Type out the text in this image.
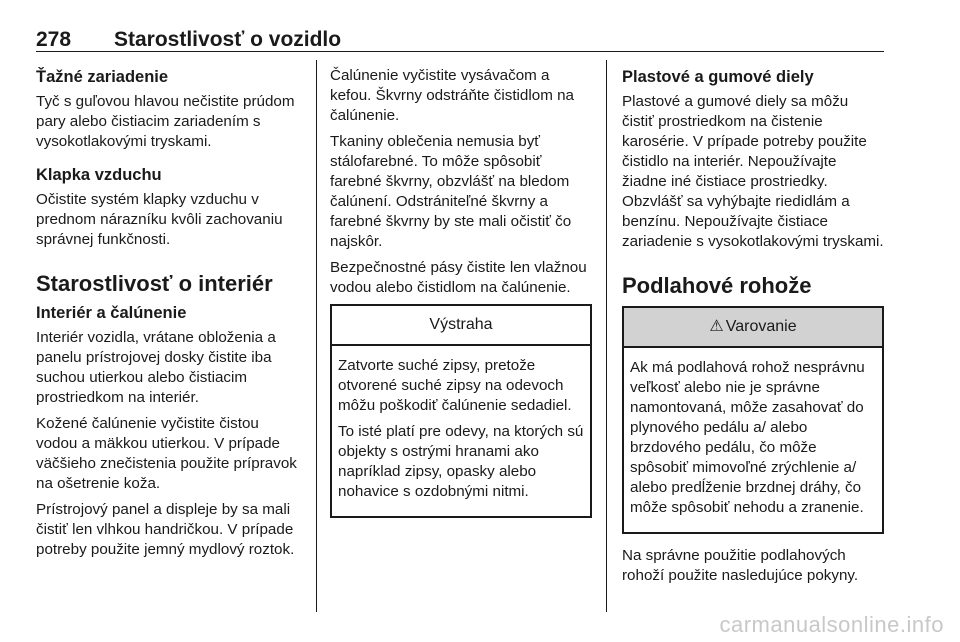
278 Starostlivosť o vozidlo
Ťažné zariadenie

Tyč s guľovou hlavou nečistite prúdom pary alebo čistiacim zariadením s vysokotlakovými tryskami.

Klapka vzduchu

Očistite systém klapky vzduchu v prednom nárazníku kvôli zachovaniu správnej funkčnosti.

Starostlivosť o interiér
Interiér a čalúnenie

Interiér vozidla, vrátane obloženia a panelu prístrojovej dosky čistite iba suchou utierkou alebo čistiacim prostriedkom na interiér.

Kožené čalúnenie vyčistite čistou vodou a mäkkou utierkou. V prípade väčšieho znečistenia použite prípravok na ošetrenie koža.

Prístrojový panel a displeje by sa mali čistiť len vlhkou handričkou. V prípade potreby použite jemný mydlový roztok.

Čalúnenie vyčistite vysávačom a kefou. Škvrny odstráňte čistidlom na čalúnenie.

Tkaniny oblečenia nemusia byť stálofarebné. To môže spôsobiť farebné škvrny, obzvlášť na bledom čalúnení. Odstrániteľné škvrny a farebné škvrny by ste mali očistiť čo najskôr.

Bezpečnostné pásy čistite len vlažnou vodou alebo čistidlom na čalúnenie.

Výstraha

Zatvorte suché zipsy, pretože otvorené suché zipsy na odevoch môžu poškodiť čalúnenie sedadiel.

To isté platí pre odevy, na ktorých sú objekty s ostrými hranami ako napríklad zipsy, opasky alebo nohavice s ozdobnými nitmi.

Plastové a gumové diely

Plastové a gumové diely sa môžu čistiť prostriedkom na čistenie karosérie. V prípade potreby použite čistidlo na interiér. Nepoužívajte žiadne iné čistiace prostriedky. Obzvlášť sa vyhýbajte riedidlám a benzínu. Nepoužívajte čistiace zariadenie s vysokotlakovými tryskami.

Podlahové rohože
⚠ Varovanie

Ak má podlahová rohož nesprávnu veľkosť alebo nie je správne namontovaná, môže zasahovať do plynového pedálu a/ alebo brzdového pedálu, čo môže spôsobiť mimovoľné zrýchlenie a/ alebo predĺženie brzdnej dráhy, čo môže spôsobiť nehodu a zranenie.

Na správne použitie podlahových rohoží použite nasledujúce pokyny.

carmanualsonline.info
